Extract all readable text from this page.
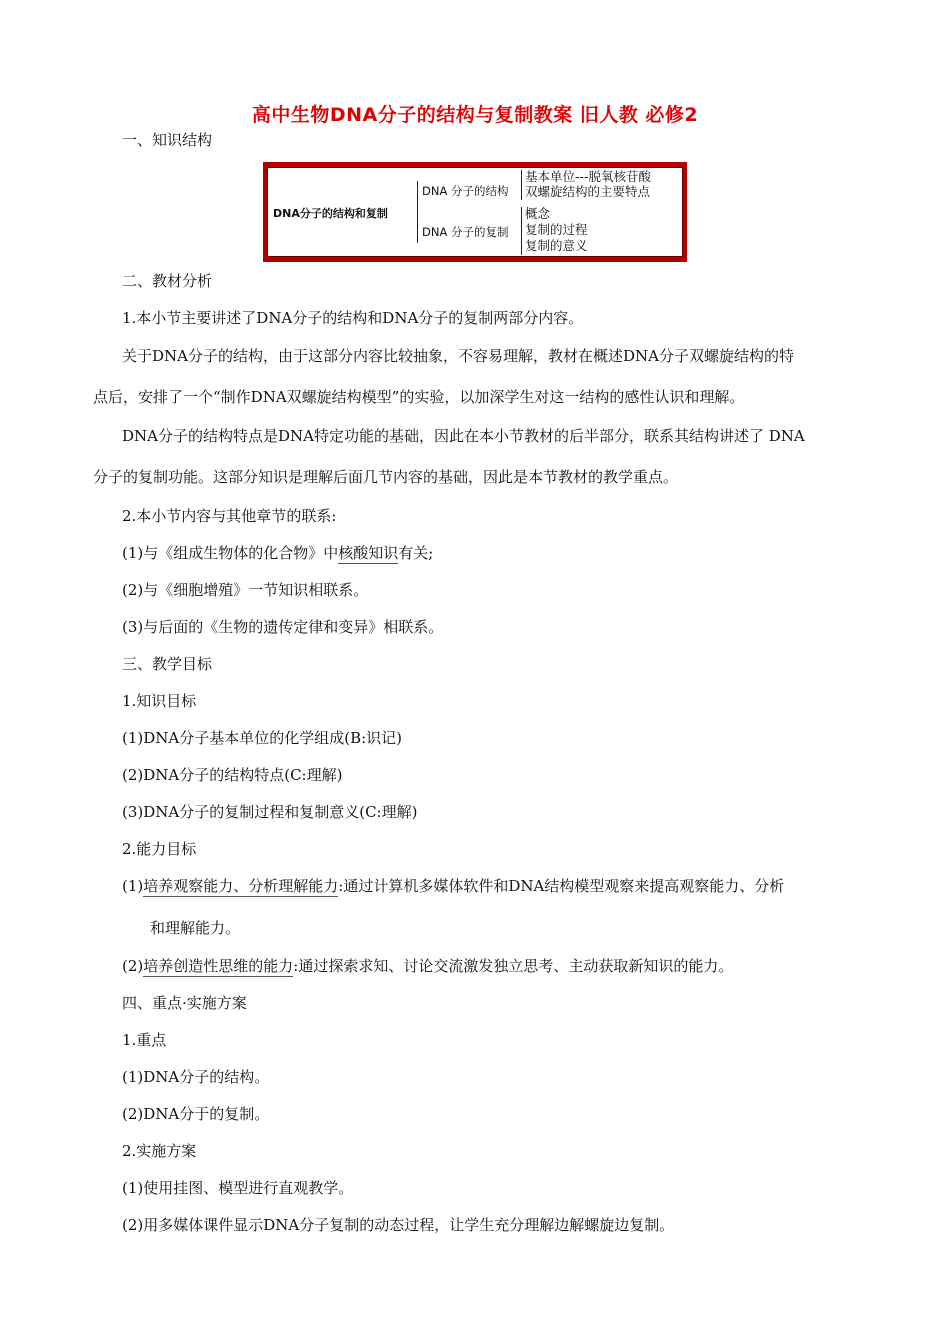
高中生物DNA分子的结构与复制教案 旧人教 必修2
一、知识结构
DNA分子的结构和复制
DNA 分子的结构
DNA 分子的复制
基本单位---脱氧核苷酸
双螺旋结构的主要特点
概念
复制的过程
复制的意义
二、教材分析
1.本小节主要讲述了DNA分子的结构和DNA分子的复制两部分内容。
关于DNA分子的结构，由于这部分内容比较抽象，不容易理解，教材在概述DNA分子双螺旋结构的特
点后，安排了一个“制作DNA双螺旋结构模型”的实验，以加深学生对这一结构的感性认识和理解。
DNA分子的结构特点是DNA特定功能的基础，因此在本小节教材的后半部分，联系其结构讲述了 DNA
分子的复制功能。这部分知识是理解后面几节内容的基础，因此是本节教材的教学重点。
2.本小节内容与其他章节的联系:
(1)与《组成生物体的化合物》中核酸知识有关;
(2)与《细胞增殖》一节知识相联系。
(3)与后面的《生物的遗传定律和变异》相联系。
三、教学目标
1.知识目标
(1)DNA分子基本单位的化学组成(B:识记)
(2)DNA分子的结构特点(C:理解)
(3)DNA分子的复制过程和复制意义(C:理解)
2.能力目标
(1)培养观察能力、分析理解能力:通过计算机多媒体软件和DNA结构模型观察来提高观察能力、分析
和理解能力。
(2)培养创造性思维的能力:通过探索求知、讨论交流激发独立思考、主动获取新知识的能力。
四、重点·实施方案
1.重点
(1)DNA分子的结构。
(2)DNA分于的复制。
2.实施方案
(1)使用挂图、模型进行直观教学。
(2)用多媒体课件显示DNA分子复制的动态过程，让学生充分理解边解螺旋边复制。
